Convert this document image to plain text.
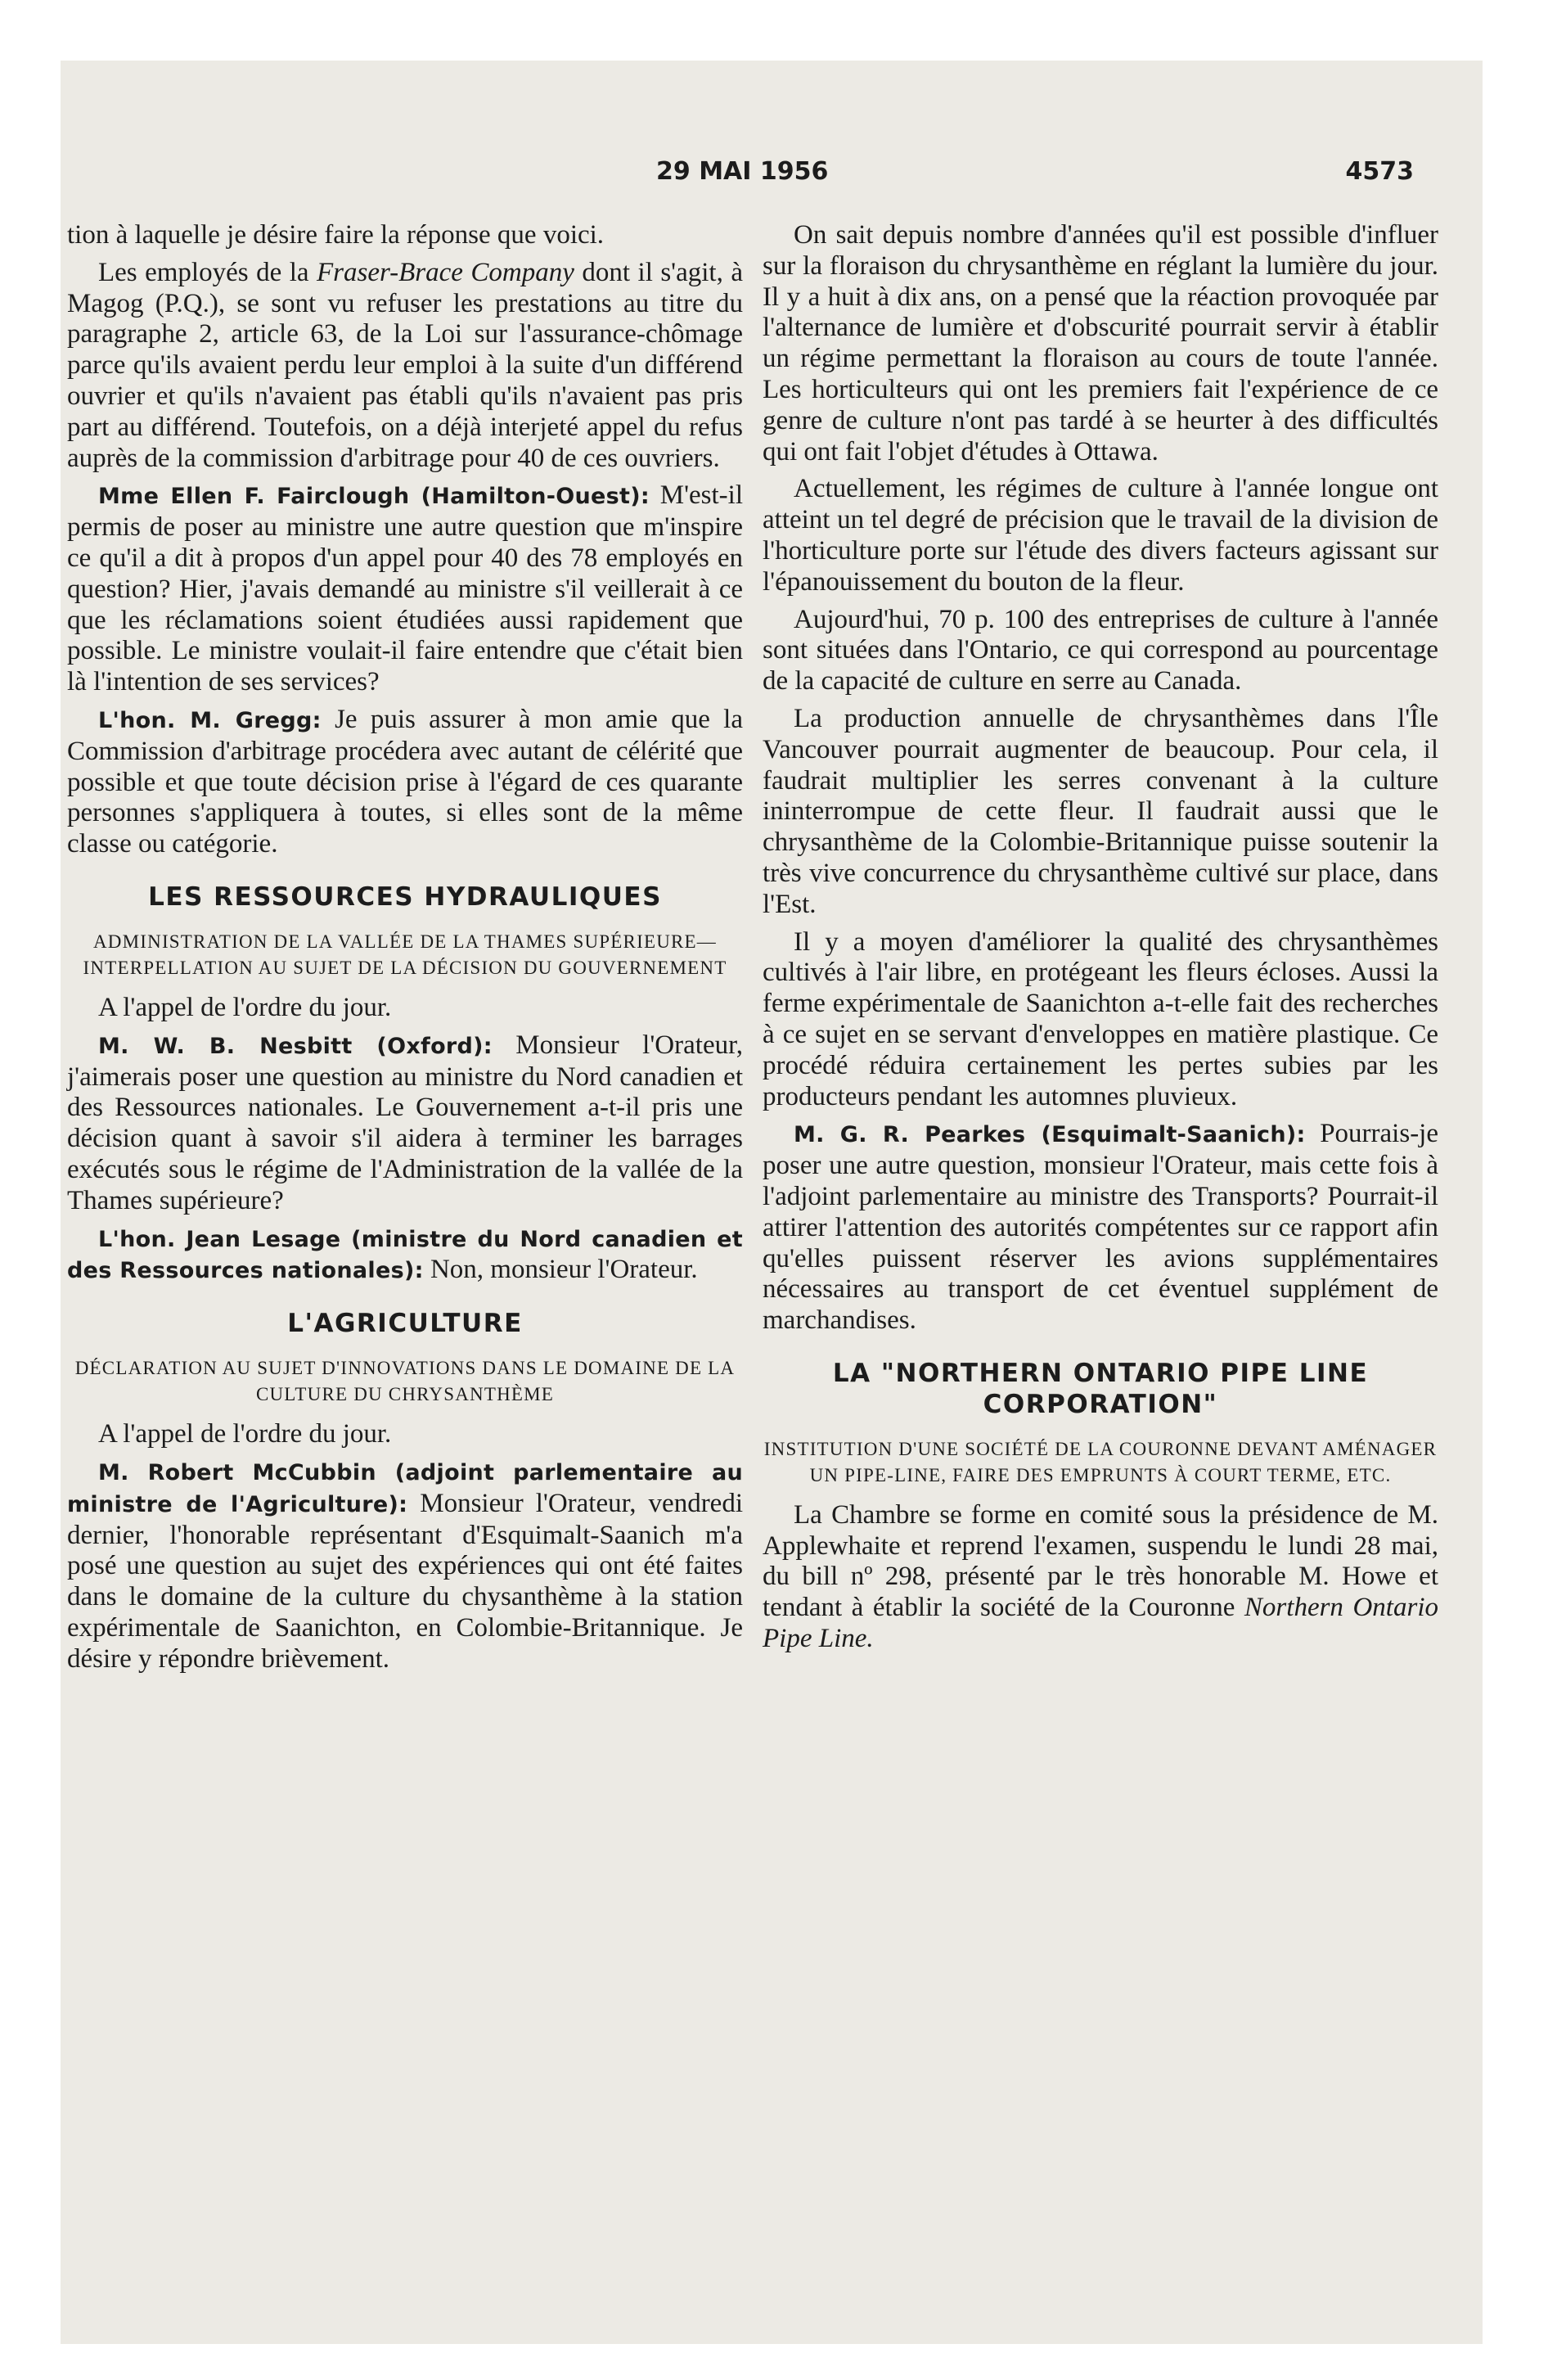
29 MAI 1956	4573

tion à laquelle je désire faire la réponse que voici.

Les employés de la Fraser-Brace Company dont il s'agit, à Magog (P.Q.), se sont vu refuser les prestations au titre du paragraphe 2, article 63, de la Loi sur l'assurance-chômage parce qu'ils avaient perdu leur emploi à la suite d'un différend ouvrier et qu'ils n'avaient pas établi qu'ils n'avaient pas pris part au différend. Toutefois, on a déjà interjeté appel du refus auprès de la commission d'arbitrage pour 40 de ces ouvriers.

Mme Ellen F. Fairclough (Hamilton-Ouest): M'est-il permis de poser au ministre une autre question que m'inspire ce qu'il a dit à propos d'un appel pour 40 des 78 employés en question? Hier, j'avais demandé au ministre s'il veillerait à ce que les réclamations soient étudiées aussi rapidement que possible. Le ministre voulait-il faire entendre que c'était bien là l'intention de ses services?

L'hon. M. Gregg: Je puis assurer à mon amie que la Commission d'arbitrage procédera avec autant de célérité que possible et que toute décision prise à l'égard de ces quarante personnes s'appliquera à toutes, si elles sont de la même classe ou catégorie.

LES RESSOURCES HYDRAULIQUES

ADMINISTRATION DE LA VALLÉE DE LA THAMES SUPÉRIEURE—INTERPELLATION AU SUJET DE LA DÉCISION DU GOUVERNEMENT

A l'appel de l'ordre du jour.

M. W. B. Nesbitt (Oxford): Monsieur l'Orateur, j'aimerais poser une question au ministre du Nord canadien et des Ressources nationales. Le Gouvernement a-t-il pris une décision quant à savoir s'il aidera à terminer les barrages exécutés sous le régime de l'Administration de la vallée de la Thames supérieure?

L'hon. Jean Lesage (ministre du Nord canadien et des Ressources nationales): Non, monsieur l'Orateur.

L'AGRICULTURE

DÉCLARATION AU SUJET D'INNOVATIONS DANS LE DOMAINE DE LA CULTURE DU CHRYSANTHÈME

A l'appel de l'ordre du jour.

M. Robert McCubbin (adjoint parlementaire au ministre de l'Agriculture): Monsieur l'Orateur, vendredi dernier, l'honorable représentant d'Esquimalt-Saanich m'a posé une question au sujet des expériences qui ont été faites dans le domaine de la culture du chysanthème à la station expérimentale de Saanichton, en Colombie-Britannique. Je désire y répondre brièvement.

On sait depuis nombre d'années qu'il est possible d'influer sur la floraison du chrysanthème en réglant la lumière du jour. Il y a huit à dix ans, on a pensé que la réaction provoquée par l'alternance de lumière et d'obscurité pourrait servir à établir un régime permettant la floraison au cours de toute l'année. Les horticulteurs qui ont les premiers fait l'expérience de ce genre de culture n'ont pas tardé à se heurter à des difficultés qui ont fait l'objet d'études à Ottawa.

Actuellement, les régimes de culture à l'année longue ont atteint un tel degré de précision que le travail de la division de l'horticulture porte sur l'étude des divers facteurs agissant sur l'épanouissement du bouton de la fleur.

Aujourd'hui, 70 p. 100 des entreprises de culture à l'année sont situées dans l'Ontario, ce qui correspond au pourcentage de la capacité de culture en serre au Canada.

La production annuelle de chrysanthèmes dans l'Île Vancouver pourrait augmenter de beaucoup. Pour cela, il faudrait multiplier les serres convenant à la culture ininterrompue de cette fleur. Il faudrait aussi que le chrysanthème de la Colombie-Britannique puisse soutenir la très vive concurrence du chrysanthème cultivé sur place, dans l'Est.

Il y a moyen d'améliorer la qualité des chrysanthèmes cultivés à l'air libre, en protégeant les fleurs écloses. Aussi la ferme expérimentale de Saanichton a-t-elle fait des recherches à ce sujet en se servant d'enveloppes en matière plastique. Ce procédé réduira certainement les pertes subies par les producteurs pendant les automnes pluvieux.

M. G. R. Pearkes (Esquimalt-Saanich): Pourrais-je poser une autre question, monsieur l'Orateur, mais cette fois à l'adjoint parlementaire au ministre des Transports? Pourrait-il attirer l'attention des autorités compétentes sur ce rapport afin qu'elles puissent réserver les avions supplémentaires nécessaires au transport de cet éventuel supplément de marchandises.

LA "NORTHERN ONTARIO PIPE LINE CORPORATION"

INSTITUTION D'UNE SOCIÉTÉ DE LA COURONNE DEVANT AMÉNAGER UN PIPE-LINE, FAIRE DES EMPRUNTS À COURT TERME, ETC.

La Chambre se forme en comité sous la présidence de M. Applewhaite et reprend l'examen, suspendu le lundi 28 mai, du bill nº 298, présenté par le très honorable M. Howe et tendant à établir la société de la Couronne Northern Ontario Pipe Line.
